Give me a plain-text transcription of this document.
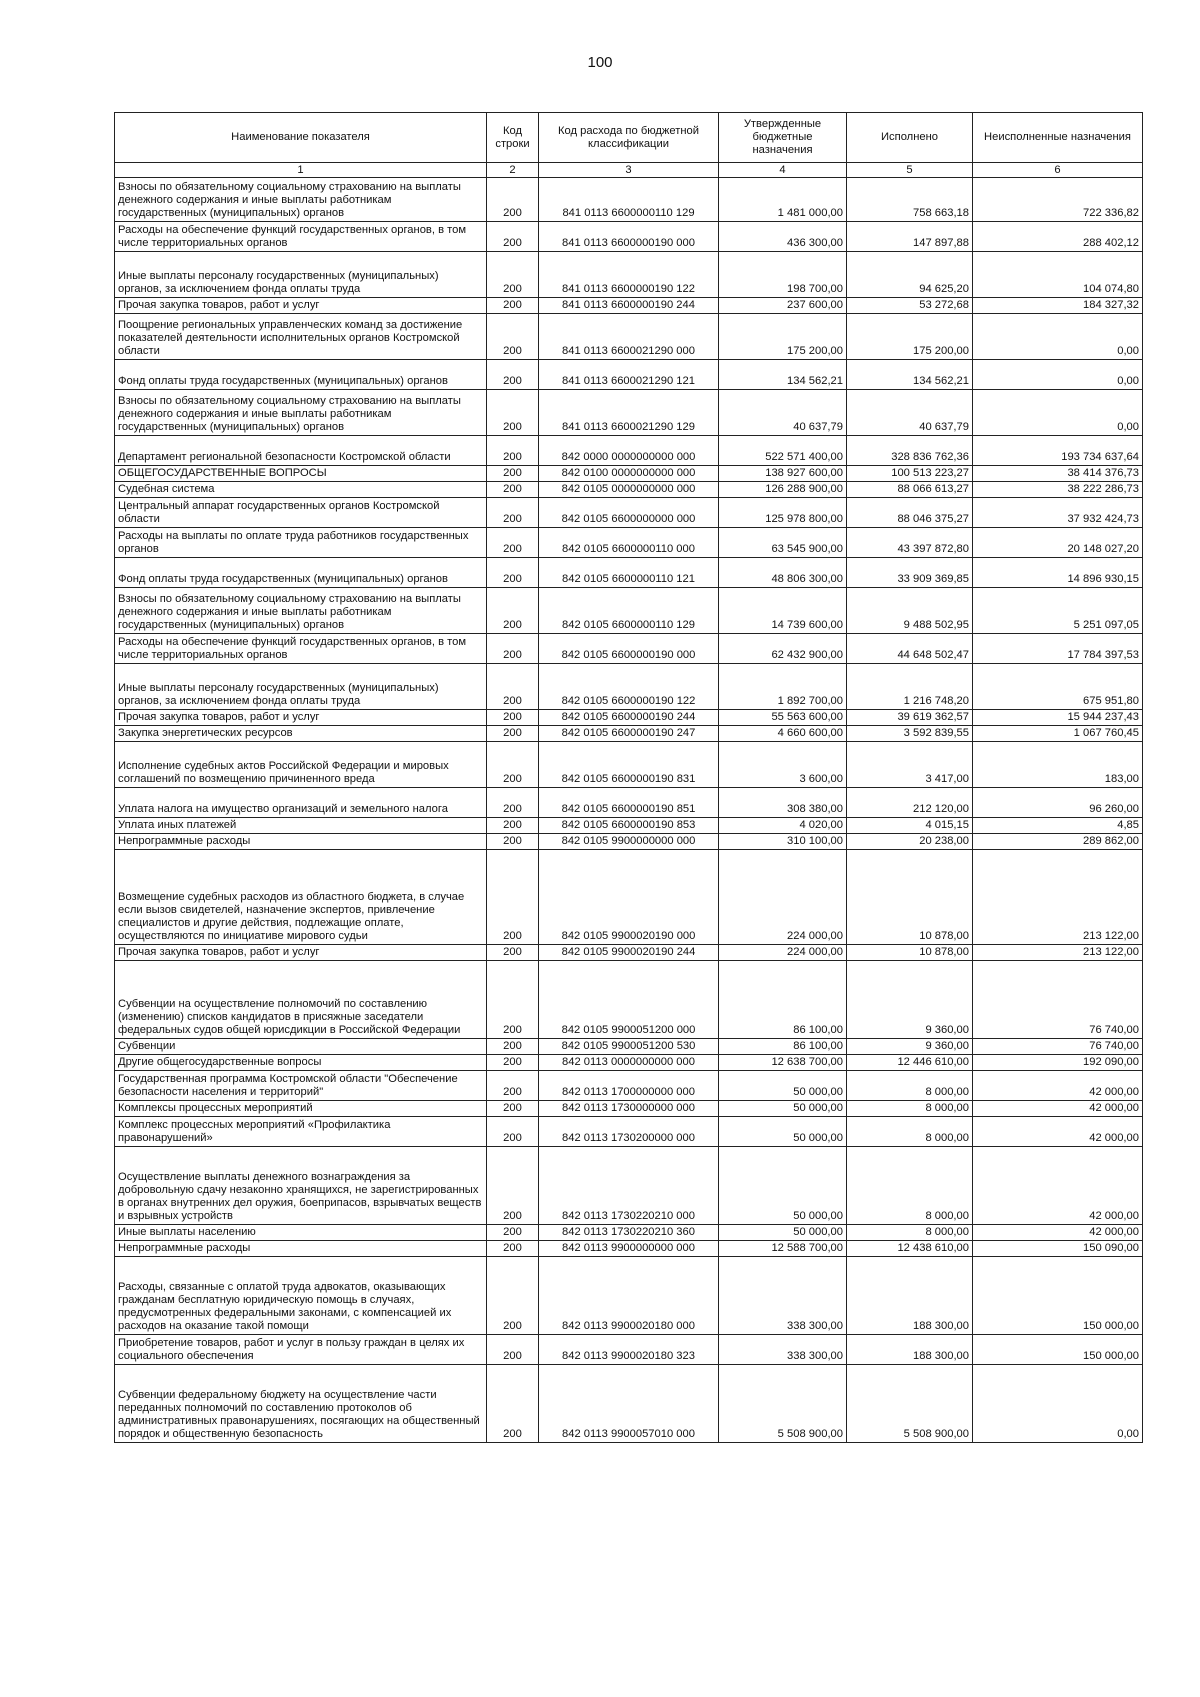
100
Наименование показателя	Код строки	Код расхода по бюджетной классификации	Утвержденные бюджетные назначения	Исполнено	Неисполненные назначения
1	2	3	4	5	6
Взносы по обязательному социальному страхованию на выплаты денежного содержания и иные выплаты работникам государственных (муниципальных) органов	200	841 0113 6600000110 129	1 481 000,00	758 663,18	722 336,82
Расходы на обеспечение функций государственных органов, в том числе территориальных органов	200	841 0113 6600000190 000	436 300,00	147 897,88	288 402,12
Иные выплаты персоналу государственных (муниципальных) органов, за исключением фонда оплаты труда	200	841 0113 6600000190 122	198 700,00	94 625,20	104 074,80
Прочая закупка товаров, работ и услуг	200	841 0113 6600000190 244	237 600,00	53 272,68	184 327,32
Поощрение региональных управленческих команд за достижение показателей деятельности исполнительных органов Костромской области	200	841 0113 6600021290 000	175 200,00	175 200,00	0,00
Фонд оплаты труда государственных (муниципальных) органов	200	841 0113 6600021290 121	134 562,21	134 562,21	0,00
Взносы по обязательному социальному страхованию на выплаты денежного содержания и иные выплаты работникам государственных (муниципальных) органов	200	841 0113 6600021290 129	40 637,79	40 637,79	0,00
Департамент региональной безопасности Костромской области	200	842 0000 0000000000 000	522 571 400,00	328 836 762,36	193 734 637,64
ОБЩЕГОСУДАРСТВЕННЫЕ ВОПРОСЫ	200	842 0100 0000000000 000	138 927 600,00	100 513 223,27	38 414 376,73
Судебная система	200	842 0105 0000000000 000	126 288 900,00	88 066 613,27	38 222 286,73
Центральный аппарат государственных органов Костромской области	200	842 0105 6600000000 000	125 978 800,00	88 046 375,27	37 932 424,73
Расходы на выплаты по оплате труда работников государственных органов	200	842 0105 6600000110 000	63 545 900,00	43 397 872,80	20 148 027,20
Фонд оплаты труда государственных (муниципальных) органов	200	842 0105 6600000110 121	48 806 300,00	33 909 369,85	14 896 930,15
Взносы по обязательному социальному страхованию на выплаты денежного содержания и иные выплаты работникам государственных (муниципальных) органов	200	842 0105 6600000110 129	14 739 600,00	9 488 502,95	5 251 097,05
Расходы на обеспечение функций государственных органов, в том числе территориальных органов	200	842 0105 6600000190 000	62 432 900,00	44 648 502,47	17 784 397,53
Иные выплаты персоналу государственных (муниципальных) органов, за исключением фонда оплаты труда	200	842 0105 6600000190 122	1 892 700,00	1 216 748,20	675 951,80
Прочая закупка товаров, работ и услуг	200	842 0105 6600000190 244	55 563 600,00	39 619 362,57	15 944 237,43
Закупка энергетических ресурсов	200	842 0105 6600000190 247	4 660 600,00	3 592 839,55	1 067 760,45
Исполнение судебных актов Российской Федерации и мировых соглашений по возмещению причиненного вреда	200	842 0105 6600000190 831	3 600,00	3 417,00	183,00
Уплата налога на имущество организаций и земельного налога	200	842 0105 6600000190 851	308 380,00	212 120,00	96 260,00
Уплата иных платежей	200	842 0105 6600000190 853	4 020,00	4 015,15	4,85
Непрограммные расходы	200	842 0105 9900000000 000	310 100,00	20 238,00	289 862,00
Возмещение судебных расходов из областного бюджета, в случае если вызов свидетелей, назначение экспертов, привлечение специалистов и другие действия, подлежащие оплате, осуществляются по инициативе мирового судьи	200	842 0105 9900020190 000	224 000,00	10 878,00	213 122,00
Прочая закупка товаров, работ и услуг	200	842 0105 9900020190 244	224 000,00	10 878,00	213 122,00
Субвенции на осуществление полномочий по составлению (изменению) списков кандидатов в присяжные заседатели федеральных судов общей юрисдикции в Российской Федерации	200	842 0105 9900051200 000	86 100,00	9 360,00	76 740,00
Субвенции	200	842 0105 9900051200 530	86 100,00	9 360,00	76 740,00
Другие общегосударственные вопросы	200	842 0113 0000000000 000	12 638 700,00	12 446 610,00	192 090,00
Государственная программа Костромской области "Обеспечение безопасности населения и территорий"	200	842 0113 1700000000 000	50 000,00	8 000,00	42 000,00
Комплексы процессных мероприятий	200	842 0113 1730000000 000	50 000,00	8 000,00	42 000,00
Комплекс процессных мероприятий «Профилактика правонарушений»	200	842 0113 1730200000 000	50 000,00	8 000,00	42 000,00
Осуществление выплаты денежного вознаграждения за добровольную сдачу незаконно хранящихся, не зарегистрированных в органах внутренних дел оружия, боеприпасов, взрывчатых веществ и взрывных устройств	200	842 0113 1730220210 000	50 000,00	8 000,00	42 000,00
Иные выплаты населению	200	842 0113 1730220210 360	50 000,00	8 000,00	42 000,00
Непрограммные расходы	200	842 0113 9900000000 000	12 588 700,00	12 438 610,00	150 090,00
Расходы, связанные с оплатой труда адвокатов, оказывающих гражданам бесплатную юридическую помощь в случаях, предусмотренных федеральными законами, с компенсацией их расходов на оказание такой помощи	200	842 0113 9900020180 000	338 300,00	188 300,00	150 000,00
Приобретение товаров, работ и услуг в пользу граждан в целях их социального обеспечения	200	842 0113 9900020180 323	338 300,00	188 300,00	150 000,00
Субвенции федеральному бюджету на осуществление части переданных полномочий по составлению протоколов об административных правонарушениях, посягающих на общественный порядок и общественную безопасность	200	842 0113 9900057010 000	5 508 900,00	5 508 900,00	0,00
